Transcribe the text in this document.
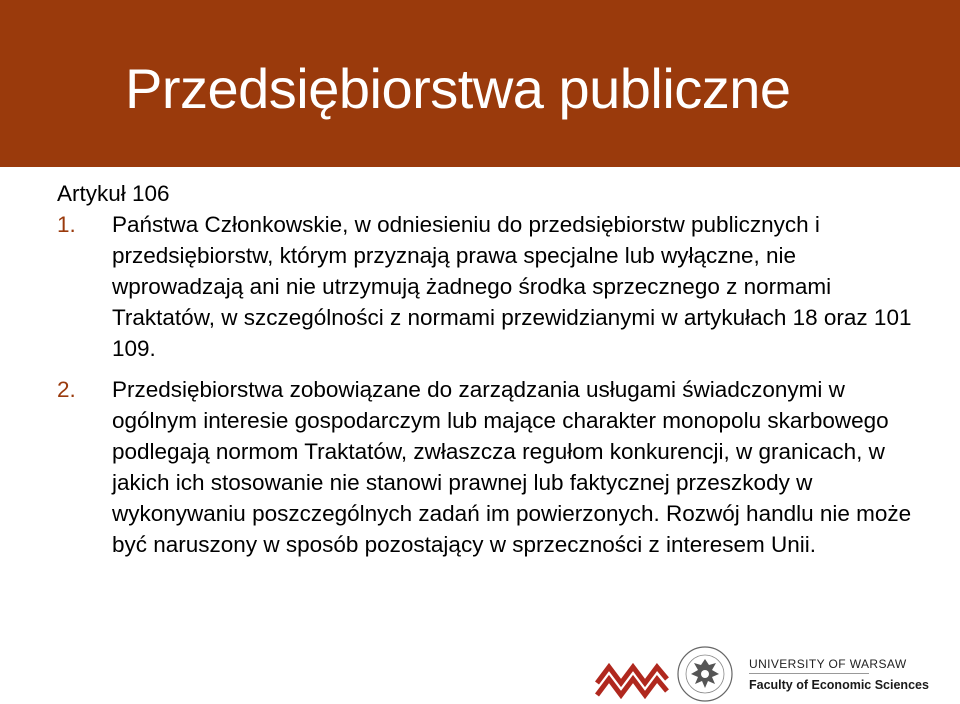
Przedsiębiorstwa publiczne

Artykuł 106

1. Państwa Członkowskie, w odniesieniu do przedsiębiorstw publicznych i przedsiębiorstw, którym przyznają prawa specjalne lub wyłączne, nie wprowadzają ani nie utrzymują żadnego środka sprzecznego z normami Traktatów, w szczególności z normami przewidzianymi w artykułach 18 oraz 101 109.

2. Przedsiębiorstwa zobowiązane do zarządzania usługami świadczonymi w ogólnym interesie gospodarczym lub mające charakter monopolu skarbowego podlegają normom Traktatów, zwłaszcza regułom konkurencji, w granicach, w jakich ich stosowanie nie stanowi prawnej lub faktycznej przeszkody w wykonywaniu poszczególnych zadań im powierzonych. Rozwój handlu nie może być naruszony w sposób pozostający w sprzeczności z interesem Unii.

UNIVERSITY OF WARSAW
Faculty of Economic Sciences
